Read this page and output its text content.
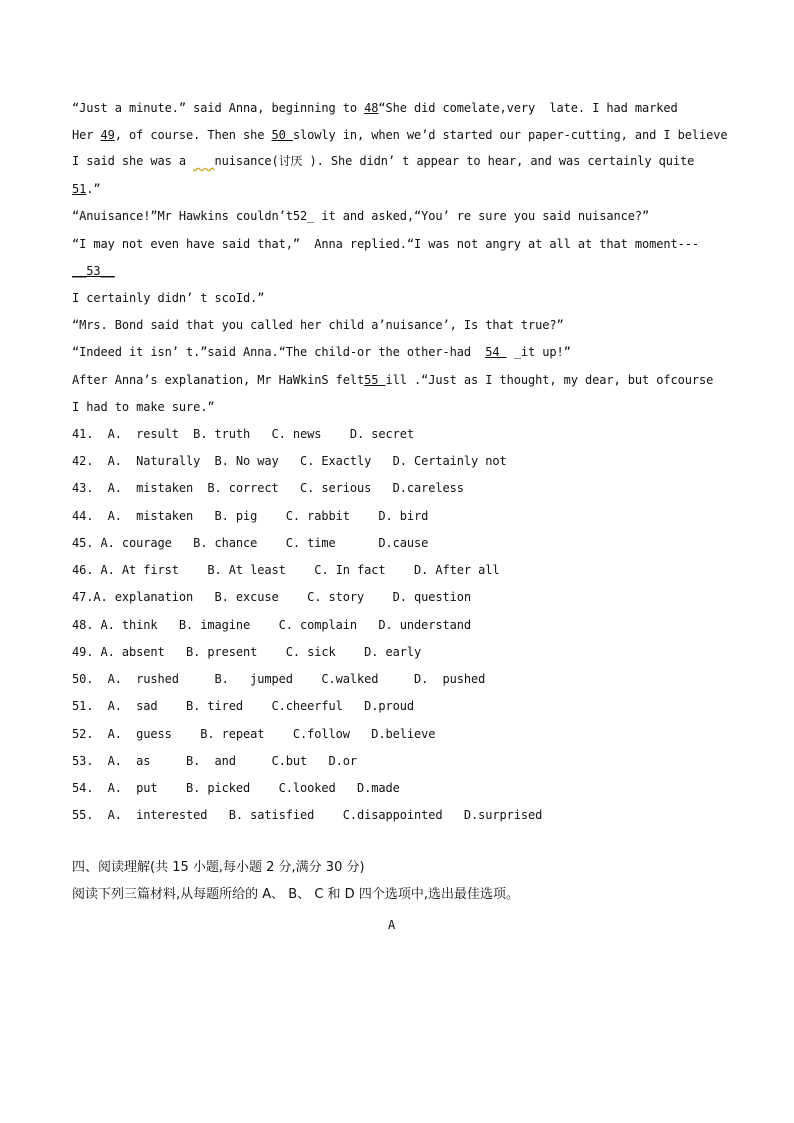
“Just a minute.” said Anna, beginning to 48“She did comelate,very  late. I had marked
Her 49, of course. Then she 50 slowly in, when we’d started our paper-cutting, and I believe
I said she was a    nuisance(讨厌 ). She didn’ t appear to hear, and was certainly quite
51.”
“Anuisance!”Mr Hawkins couldn’t52_ it and asked,“You’ re sure you said nuisance?”
“I may not even have said that,”  Anna replied.“I was not angry at all at that moment---
__53__
I certainly didn’ t scoId.”
“Mrs. Bond said that you called her child a’nuisance’, Is that true?”
“Indeed it isn’ t.”said Anna.“The child-or the other-had  54  _it up!”
After Anna’s explanation, Mr HaWkinS felt55 ill .“Just as I thought, my dear, but ofcourse
I had to make sure.”
41.  A.  result  B. truth   C. news    D. secret
42.  A.  Naturally  B. No way   C. Exactly   D. Certainly not
43.  A.  mistaken  B. correct   C. serious   D.careless
44.  A.  mistaken   B. pig    C. rabbit    D. bird
45. A. courage   B. chance    C. time      D.cause
46. A. At first    B. At least    C. In fact    D. After all
47.A. explanation   B. excuse    C. story    D. question
48. A. think   B. imagine    C. complain   D. understand
49. A. absent   B. present    C. sick    D. early
50.  A.  rushed     B.   jumped    C.walked     D.  pushed
51.  A.  sad    B. tired    C.cheerful   D.proud
52.  A.  guess    B. repeat    C.follow   D.believe
53.  A.  as     B.  and     C.but   D.or
54.  A.  put    B. picked    C.looked   D.made
55.  A.  interested   B. satisfied    C.disappointed   D.surprised
四、阅读理解(共 15 小题,每小题 2 分,满分 30 分)
阅读下列三篇材料,从每题所给的 A、 B、 C 和 D 四个选项中,选出最佳选项。
A
